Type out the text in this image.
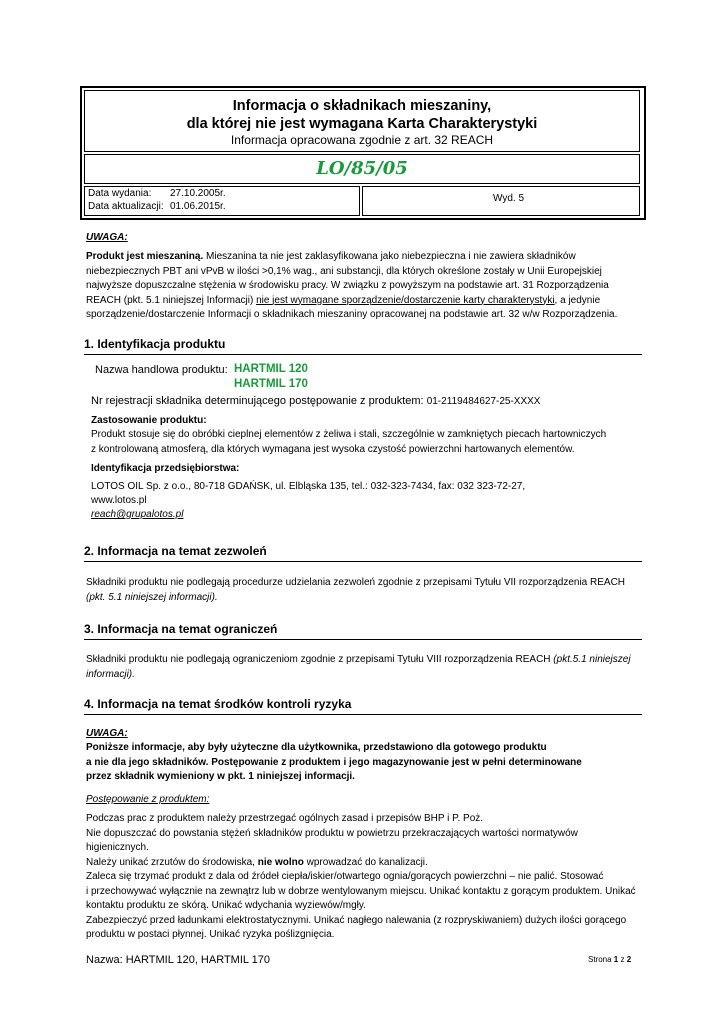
Informacja o składnikach mieszaniny,
dla której nie jest wymagana Karta Charakterystyki
Informacja opracowana zgodnie z art. 32 REACH
LO/85/05
Data wydania: 27.10.2005r.
Data aktualizacji: 01.06.2015r.
Wyd. 5
UWAGA:
Produkt jest mieszaniną. Mieszanina ta nie jest zaklasyfikowana jako niebezpieczna i nie zawiera składników
niebezpiecznych PBT ani vPvB w ilości >0,1% wag., ani substancji, dla których określone zostały w Unii Europejskiej
najwyższe dopuszczalne stężenia w środowisku pracy. W związku z powyższym na podstawie art. 31 Rozporządzenia
REACH (pkt. 5.1 niniejszej Informacji) nie jest wymagane sporządzenie/dostarczenie karty charakterystyki, a jedynie
sporządzenie/dostarczenie Informacji o składnikach mieszaniny opracowanej na podstawie art. 32 w/w Rozporządzenia.
1. Identyfikacja produktu
Nazwa handlowa produktu: HARTMIL 120
HARTMIL 170
Nr rejestracji składnika determinującego postępowanie z produktem: 01-2119484627-25-XXXX
Zastosowanie produktu:
Produkt stosuje się do obróbki cieplnej elementów z żeliwa i stali, szczególnie w zamkniętych piecach hartowniczych
z kontrolowaną atmosferą, dla których wymagana jest wysoka czystość powierzchni hartowanych elementów.
Identyfikacja przedsiębiorstwa:
LOTOS OIL Sp. z o.o., 80-718 GDAŃSK, ul. Elbląska 135, tel.: 032-323-7434, fax: 032 323-72-27,
www.lotos.pl
reach@grupalotos.pl
2. Informacja na temat zezwoleń
Składniki produktu nie podlegają procedurze udzielania zezwoleń zgodnie z przepisami Tytułu VII rozporządzenia REACH
(pkt. 5.1 niniejszej informacji).
3. Informacja na temat ograniczeń
Składniki produktu nie podlegają ograniczeniom zgodnie z przepisami Tytułu VIII rozporządzenia REACH (pkt.5.1 niniejszej
informacji).
4. Informacja na temat środków kontroli ryzyka
UWAGA:
Poniższe informacje, aby były użyteczne dla użytkownika, przedstawiono dla gotowego produktu
a nie dla jego składników. Postępowanie z produktem i jego magazynowanie jest w pełni determinowane
przez składnik wymieniony w pkt. 1 niniejszej informacji.
Postępowanie z produktem:
Podczas prac z produktem należy przestrzegać ogólnych zasad i przepisów BHP i P. Poż.
Nie dopuszczać do powstania stężeń składników produktu w powietrzu przekraczających wartości normatywów higienicznych.
Należy unikać zrzutów do środowiska, nie wolno wprowadzać do kanalizacji.
Zaleca się trzymać produkt z dala od źródeł ciepła/iskier/otwartego ognia/gorących powierzchni – nie palić. Stosować
i przechowywać wyłącznie na zewnątrz lub w dobrze wentylowanym miejscu. Unikać kontaktu z gorącym produktem. Unikać
kontaktu produktu ze skórą. Unikać wdychania wyziewów/mgły.
Zabezpieczyć przed ładunkami elektrostatycznymi. Unikać nagłego nalewania (z rozpryskiwaniem) dużych ilości gorącego
produktu w postaci płynnej. Unikać ryzyka poślizgnięcia.
Nazwa: HARTMIL 120, HARTMIL 170	Strona 1 z 2
